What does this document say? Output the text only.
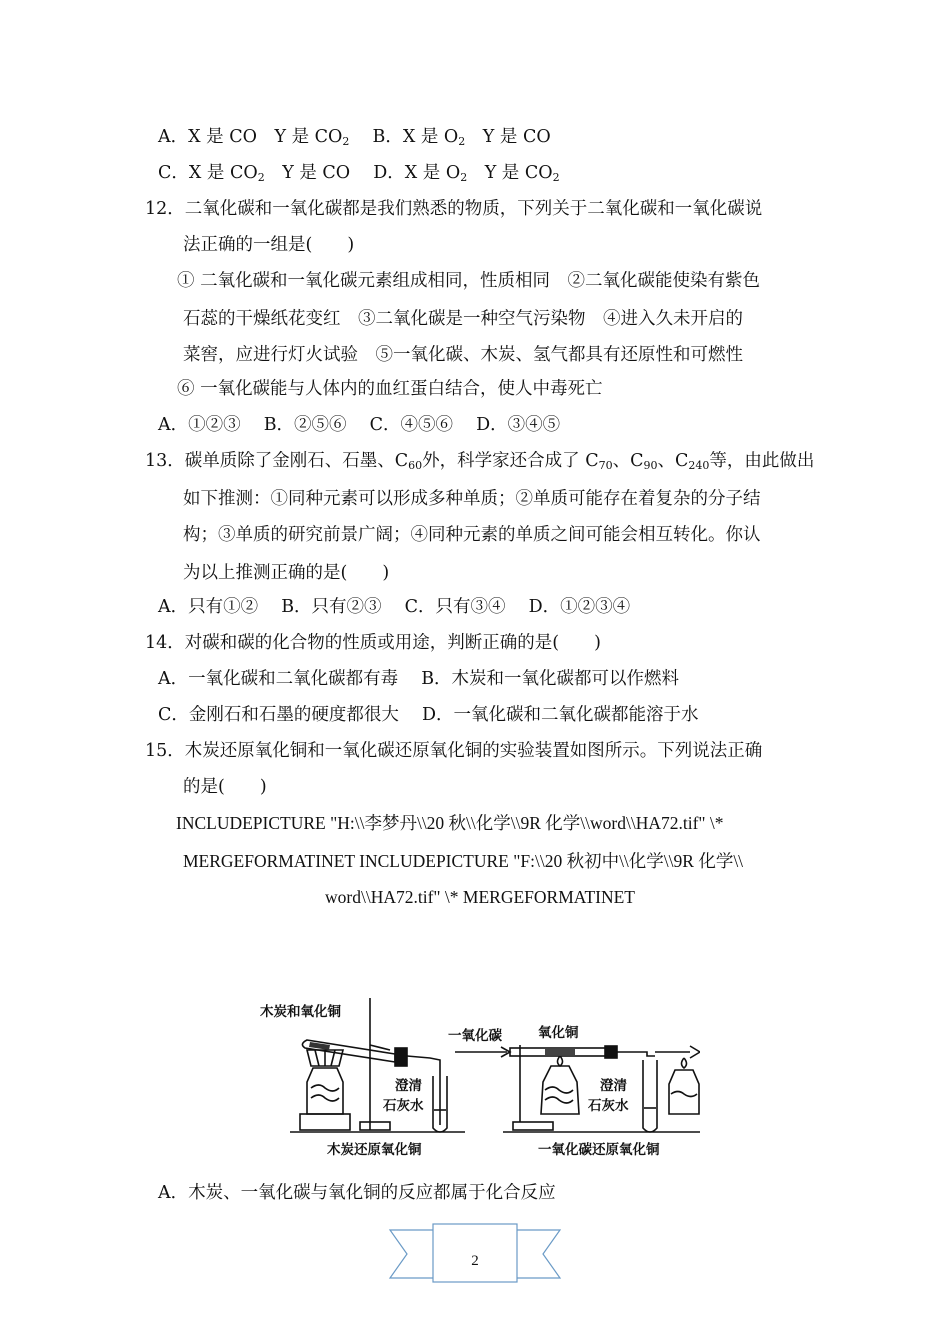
A．X 是 CO　 Y 是 $CO_2$　 B．X 是 $O_2$　 Y 是 CO
C．X 是 $CO_2$　 Y 是 CO　 D．X 是 $O_2$　 Y 是 $CO_2$
12．二氧化碳和一氧化碳都是我们熟悉的物质，下列关于二氧化碳和一氧化碳说
法正确的一组是(　　)
① 二氧化碳和一氧化碳元素组成相同，性质相同　②二氧化碳能使染有紫色
石蕊的干燥纸花变红　③二氧化碳是一种空气污染物　④进入久未开启的
菜窖，应进行灯火试验　⑤一氧化碳、木炭、氢气都具有还原性和可燃性
⑥ 一氧化碳能与人体内的血红蛋白结合，使人中毒死亡
A．①②③　 B．②⑤⑥　 C．④⑤⑥　 D．③④⑤
13．碳单质除了金刚石、石墨、$C_{60}$外，科学家还合成了 $C_{70}$、$C_{90}$、$C_{240}$等，由此做出
如下推测：①同种元素可以形成多种单质；②单质可能存在着复杂的分子结
构；③单质的研究前景广阔；④同种元素的单质之间可能会相互转化。你认
为以上推测正确的是(　　)
A．只有①②　 B．只有②③　 C．只有③④　 D．①②③④
14．对碳和碳的化合物的性质或用途，判断正确的是(　　)
A．一氧化碳和二氧化碳都有毒　 B．木炭和一氧化碳都可以作燃料
C．金刚石和石墨的硬度都很大　 D．一氧化碳和二氧化碳都能溶于水
15．木炭还原氧化铜和一氧化碳还原氧化铜的实验装置如图所示。下列说法正确
的是(　　)
INCLUDEPICTURE "H:\\李梦丹\\20 秋\\化学\\9R 化学\\word\\HA72.tif" \*
MERGEFORMATINET INCLUDEPICTURE "F:\\20 秋初中\\化学\\9R 化学\\
word\\HA72.tif" \* MERGEFORMATINET
木炭和氧化铜
一氧化碳	氧化铜
澄清
石灰水
澄清
石灰水
木炭还原氧化铜	一氧化碳还原氧化铜
A．木炭、一氧化碳与氧化铜的反应都属于化合反应
2
